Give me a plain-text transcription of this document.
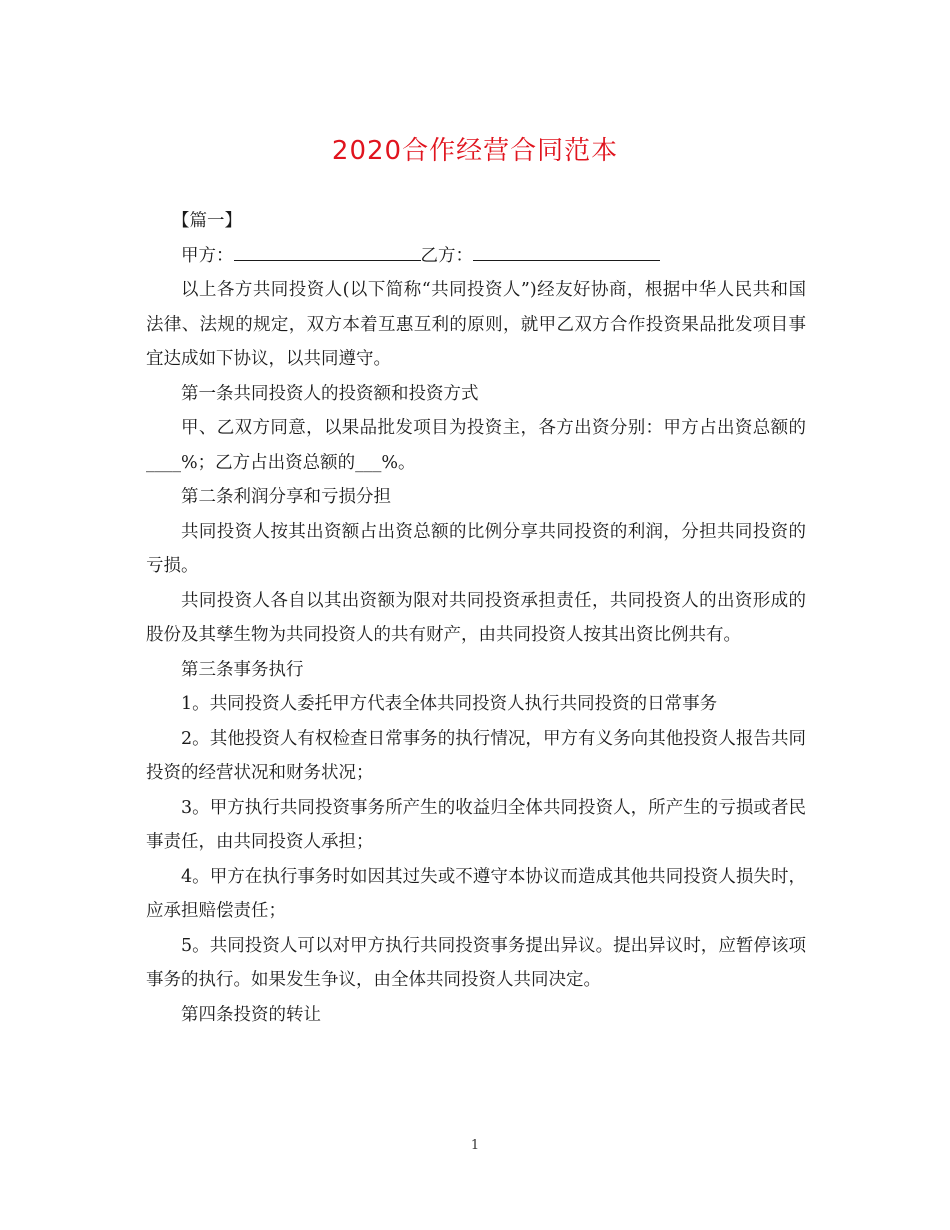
2020合作经营合同范本

【篇一】

甲方：	乙方：

以上各方共同投资人(以下简称“共同投资人”)经友好协商，根据中华人民共和国法律、法规的规定，双方本着互惠互利的原则，就甲乙双方合作投资果品批发项目事宜达成如下协议，以共同遵守。

第一条共同投资人的投资额和投资方式

甲、乙双方同意，以果品批发项目为投资主，各方出资分别：甲方占出资总额的____%；乙方占出资总额的___%。

第二条利润分享和亏损分担

共同投资人按其出资额占出资总额的比例分享共同投资的利润，分担共同投资的亏损。

共同投资人各自以其出资额为限对共同投资承担责任，共同投资人的出资形成的股份及其孳生物为共同投资人的共有财产，由共同投资人按其出资比例共有。

第三条事务执行

1。共同投资人委托甲方代表全体共同投资人执行共同投资的日常事务

2。其他投资人有权检查日常事务的执行情况，甲方有义务向其他投资人报告共同投资的经营状况和财务状况；

3。甲方执行共同投资事务所产生的收益归全体共同投资人，所产生的亏损或者民事责任，由共同投资人承担；

4。甲方在执行事务时如因其过失或不遵守本协议而造成其他共同投资人损失时，应承担赔偿责任；

5。共同投资人可以对甲方执行共同投资事务提出异议。提出异议时，应暂停该项事务的执行。如果发生争议，由全体共同投资人共同决定。

第四条投资的转让

1
